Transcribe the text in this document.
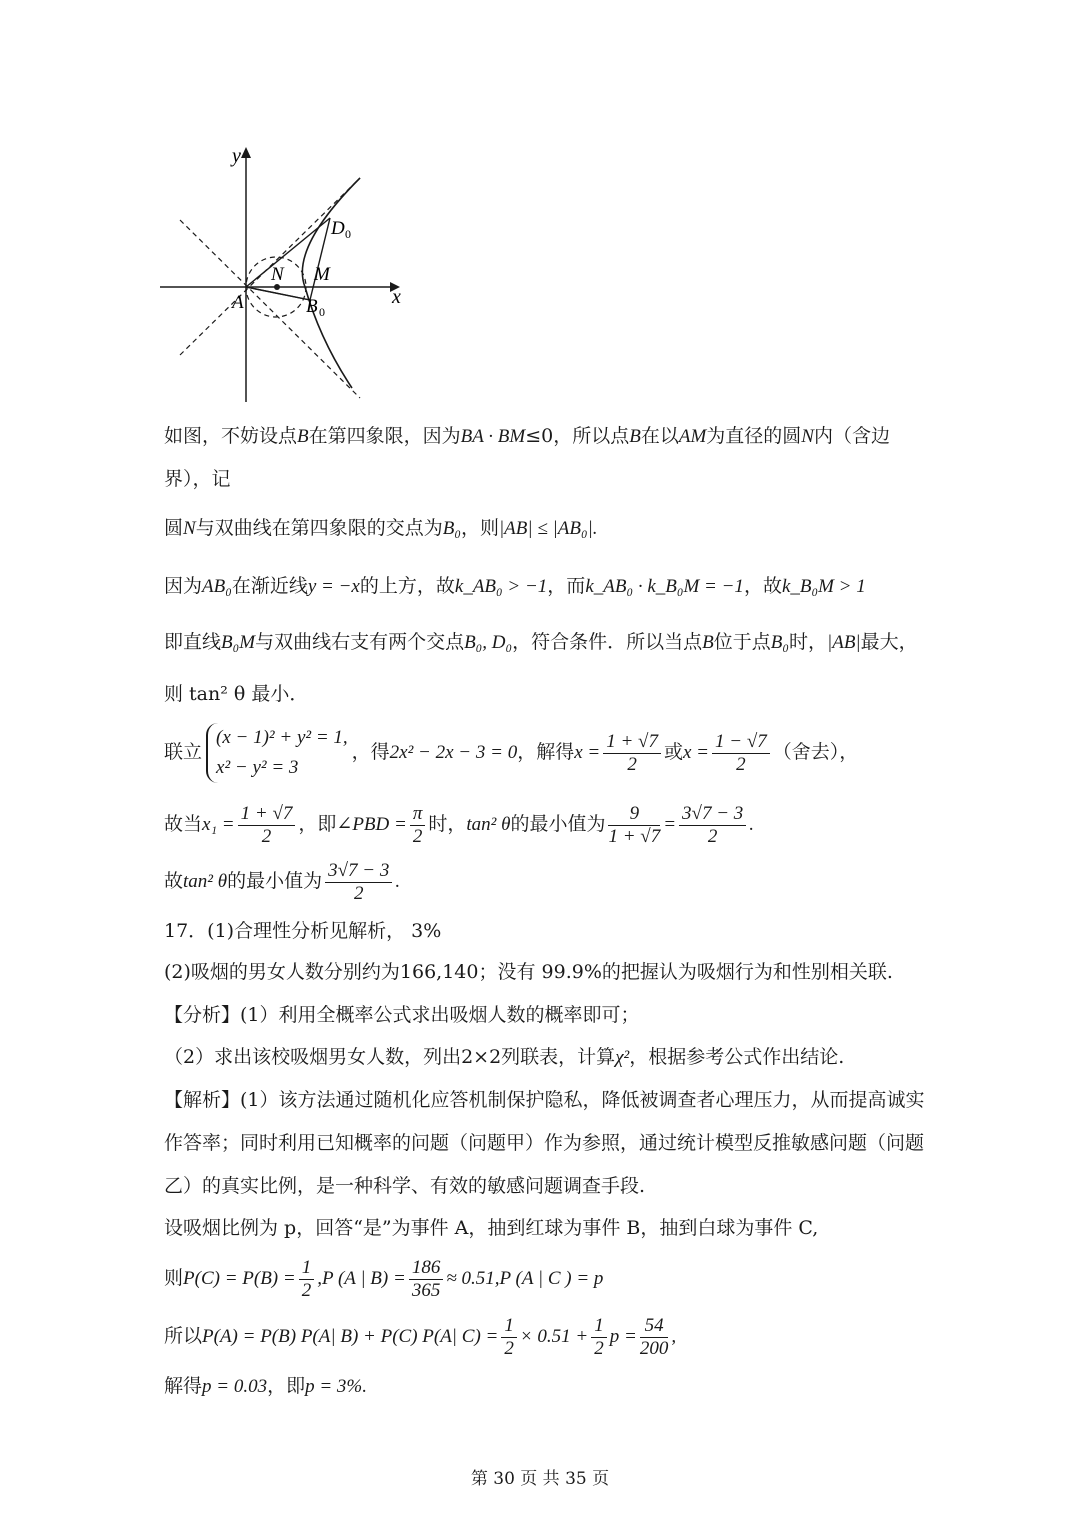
y
x
A
N M
B 0
D 0
如图，不妨设点B在第四象限，因为BA · BM≤0，所以点B在以AM为直径的圆N内（含边
界），记
圆N与双曲线在第四象限的交点为B₀，则|AB| ≤ |AB₀|.
因为AB₀在渐近线y = −x的上方，故k_AB₀ > −1，而k_AB₀ · k_B₀M = −1，故k_B₀M > 1
即直线B₀M与双曲线右支有两个交点B₀, D₀，符合条件．所以当点B位于点B₀时，|AB|最大，
则 tan² θ 最小．
联立
(x − 1)² + y² = 1,
x² − y² = 3
，得2x² − 2x − 3 = 0，解得$x = \frac{1 + √7}{2}$ 或$x = \frac{1 - √7}{2}$ （舍去），
故当$x_1 = \frac{1 + √7}{2}$ ，即∠PBD = $\frac{\pi}{2}$ 时，tan² θ的最小值为 $\frac{9}{1 + √7} = \frac{3√7 - 3}{2}$ .
故tan² θ的最小值为 $\frac{3√7 - 3}{2}$ .
17．(1)合理性分析见解析， 3%
(2)吸烟的男女人数分别约为166,140；没有 99.9%的把握认为吸烟行为和性别相关联.
【分析】(1）利用全概率公式求出吸烟人数的概率即可；
（2）求出该校吸烟男女人数，列出2×2列联表，计算χ²，根据参考公式作出结论.
【解析】(1）该方法通过随机化应答机制保护隐私，降低被调查者心理压力，从而提高诚实
作答率；同时利用已知概率的问题（问题甲）作为参照，通过统计模型反推敏感问题（问题
乙）的真实比例，是一种科学、有效的敏感问题调查手段.
设吸烟比例为 p，回答“是”为事件 A，抽到红球为事件 B，抽到白球为事件 C,
则$P(C) = P(B) = \frac{1}{2} ,P$ (A | $B) = \frac{186}{365} \approx 0.51,P$ (A | C ) = p
所以P(A) = P(B) P(A| B) + P(C) P(A| $C) = \frac{1}{2} \times 0.51 + \frac{1}{2}$ $p = \frac{54}{200}$ ,
解得p = 0.03，即p = 3%.
第 30 页 共 35 页
